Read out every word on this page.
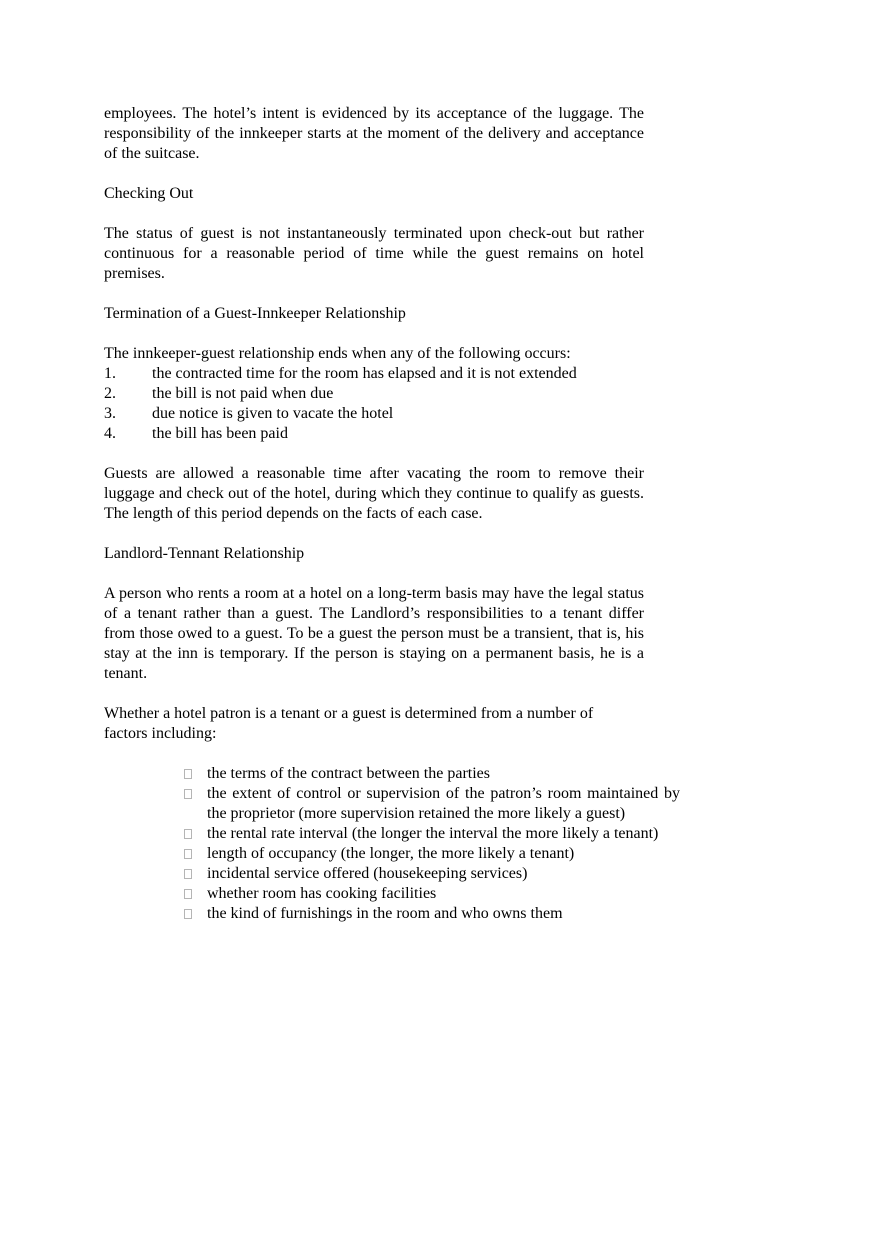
employees. The hotel’s intent is evidenced by its acceptance of the luggage. The responsibility of the innkeeper starts at the moment of the delivery and acceptance of the suitcase.

Checking Out

The status of guest is not instantaneously terminated upon check-out but rather continuous for a reasonable period of time while the guest remains on hotel premises.

Termination of a Guest-Innkeeper Relationship

The innkeeper-guest relationship ends when any of the following occurs:

1.	the contracted time for the room has elapsed and it is not extended
2.	the bill is not paid when due
3.	due notice is given to vacate the hotel
4.	the bill has been paid

Guests are allowed a reasonable time after vacating the room to remove their luggage and check out of the hotel, during which they continue to qualify as guests. The length of this period depends on the facts of each case.

Landlord-Tennant Relationship

A person who rents a room at a hotel on a long-term basis may have the legal status of a tenant rather than a guest. The Landlord’s responsibilities to a tenant differ from those owed to a guest. To be a guest the person must be a transient, that is, his stay at the inn is temporary. If the person is staying on a permanent basis, he is a tenant.

Whether a hotel patron is a tenant or a guest is determined from a number of factors including:

the terms of the contract between the parties
the extent of control or supervision of the patron’s room maintained by the proprietor (more supervision retained the more likely a guest)
the rental rate interval (the longer the interval the more likely a tenant)
length of occupancy (the longer, the more likely a tenant)
incidental service offered (housekeeping services)
whether room has cooking facilities
the kind of furnishings in the room and who owns them
